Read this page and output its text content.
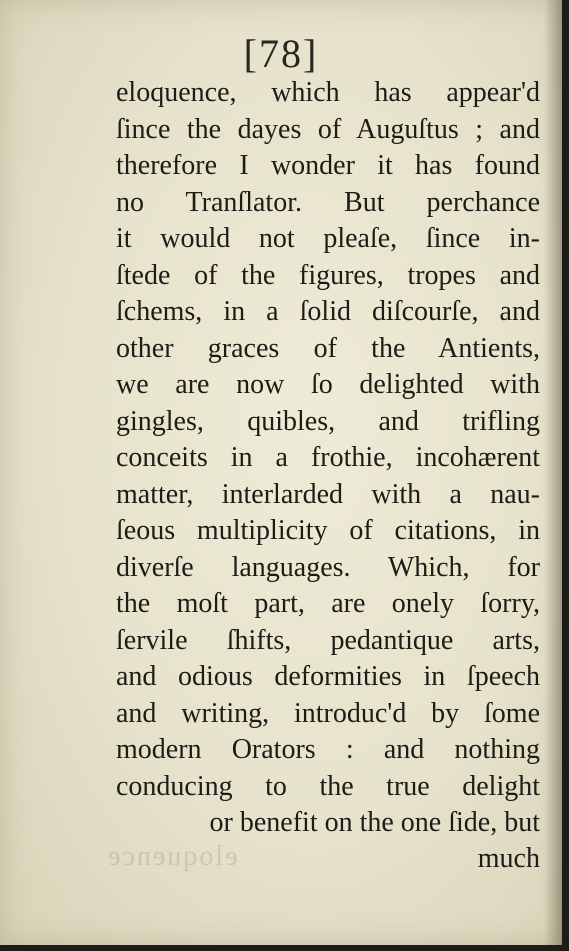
[78]
eloquence, which has appear'd
ſince the dayes of Auguſtus ; and
therefore I wonder it has found
no Tranſlator. But perchance
it would not pleaſe, ſince in-
ſtede of the figures, tropes and
ſchems, in a ſolid diſcourſe, and
other graces of the Antients,
we are now ſo delighted with
gingles, quibles, and trifling
conceits in a frothie, incohærent
matter, interlarded with a nau-
ſeous multiplicity of citations, in
diverſe languages. Which, for
the moſt part, are onely ſorry,
ſervile ſhifts, pedantique arts,
and odious deformities in ſpeech
and writing, introduc'd by ſome
modern Orators : and nothing
conducing to the true delight
or benefit on the one ſide, but
eloquence	much
